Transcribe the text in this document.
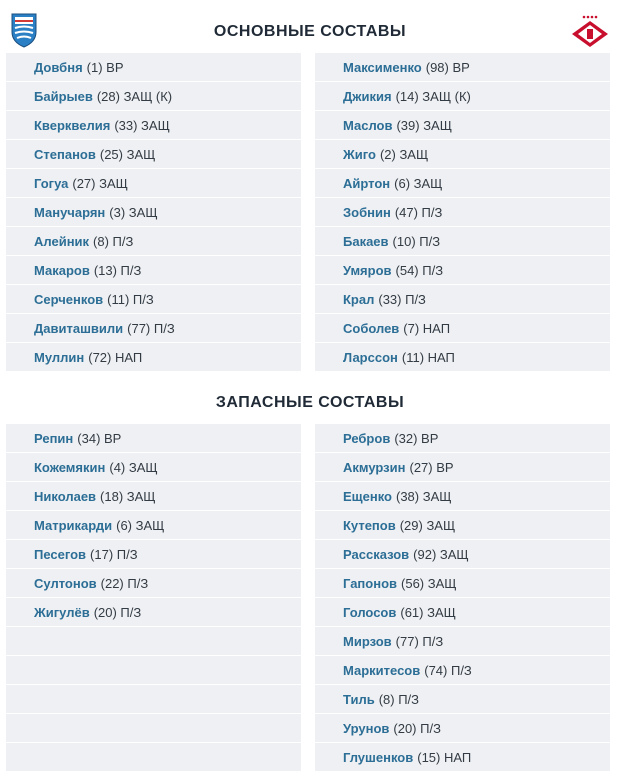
ОСНОВНЫЕ СОСТАВЫ
Довбня (1) ВР
Байрыев (28) ЗАЩ (К)
Кверквелия (33) ЗАЩ
Степанов (25) ЗАЩ
Гогуа (27) ЗАЩ
Манучарян (3) ЗАЩ
Алейник (8) П/З
Макаров (13) П/З
Серченков (11) П/З
Давиташвили (77) П/З
Муллин (72) НАП
Максименко (98) ВР
Джикия (14) ЗАЩ (К)
Маслов (39) ЗАЩ
Жиго (2) ЗАЩ
Айртон (6) ЗАЩ
Зобнин (47) П/З
Бакаев (10) П/З
Умяров (54) П/З
Крал (33) П/З
Соболев (7) НАП
Ларссон (11) НАП
ЗАПАСНЫЕ СОСТАВЫ
Репин (34) ВР
Кожемякин (4) ЗАЩ
Николаев (18) ЗАЩ
Матрикарди (6) ЗАЩ
Песегов (17) П/З
Султонов (22) П/З
Жигулёв (20) П/З
Ребров (32) ВР
Акмурзин (27) ВР
Ещенко (38) ЗАЩ
Кутепов (29) ЗАЩ
Рассказов (92) ЗАЩ
Гапонов (56) ЗАЩ
Голосов (61) ЗАЩ
Мирзов (77) П/З
Маркитесов (74) П/З
Тиль (8) П/З
Урунов (20) П/З
Глушенков (15) НАП
